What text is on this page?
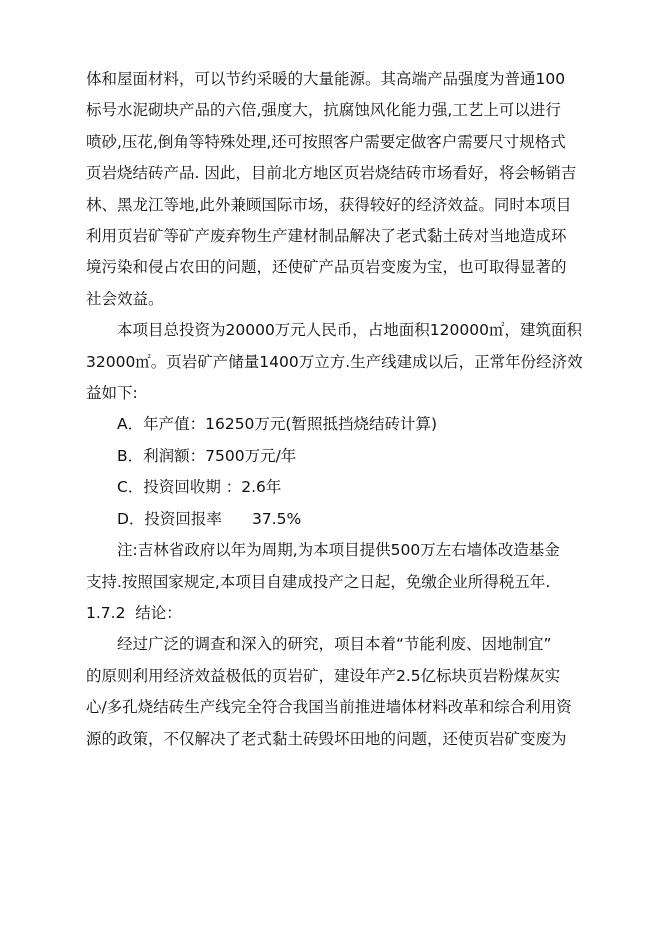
体和屋面材料，可以节约采暖的大量能源。其高端产品强度为普通100
标号水泥砌块产品的六倍,强度大，抗腐蚀风化能力强,工艺上可以进行
喷砂,压花,倒角等特殊处理,还可按照客户需要定做客户需要尺寸规格式
页岩烧结砖产品. 因此，目前北方地区页岩烧结砖市场看好，将会畅销吉
林、黑龙江等地,此外兼顾国际市场，获得较好的经济效益。同时本项目
利用页岩矿等矿产废弃物生产建材制品解决了老式黏土砖对当地造成环
境污染和侵占农田的问题，还使矿产品页岩变废为宝，也可取得显著的
社会效益。

本项目总投资为20000万元人民币，占地面积120000㎡，建筑面积
32000㎡。页岩矿产储量1400万立方.生产线建成以后，正常年份经济效
益如下:

A．年产值：16250万元(暂照抵挡烧结砖计算)

B．利润额：7500万元/年

C．投资回收期 ：2.6年

D．投资回报率 37.5%

注:吉林省政府以年为周期,为本项目提供500万左右墙体改造基金
支持.按照国家规定,本项目自建成投产之日起，免缴企业所得税五年.

1.7.2  结论：

经过广泛的调查和深入的研究，项目本着“节能利废、因地制宜”
的原则利用经济效益极低的页岩矿，建设年产2.5亿标块页岩粉煤灰实
心/多孔烧结砖生产线完全符合我国当前推进墙体材料改革和综合利用资
源的政策，不仅解决了老式黏土砖毁坏田地的问题，还使页岩矿变废为
